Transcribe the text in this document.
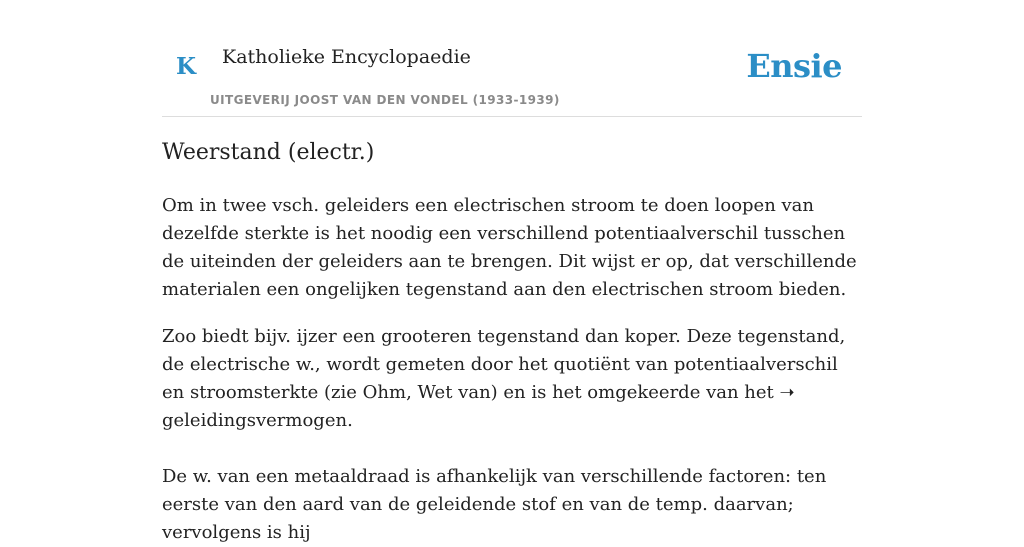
K Katholieke Encyclopaedie
UITGEVERIJ JOOST VAN DEN VONDEL (1933-1939)
Ensie
Weerstand (electr.)

Om in twee vsch. geleiders een electrischen stroom te doen loopen van dezelfde sterkte is het noodig een verschillend potentiaalverschil tusschen de uiteinden der geleiders aan te brengen. Dit wijst er op, dat verschillende materialen een ongelijken tegenstand aan den electrischen stroom bieden.

Zoo biedt bijv. ijzer een grooteren tegenstand dan koper. Deze tegenstand, de electrische w., wordt gemeten door het quotiënt van potentiaalverschil en stroomsterkte (zie Ohm, Wet van) en is het omgekeerde van het ➝ geleidingsvermogen.

De w. van een metaaldraad is afhankelijk van verschillende factoren: ten eerste van den aard van de geleidende stof en van de temp. daarvan; vervolgens is hij
